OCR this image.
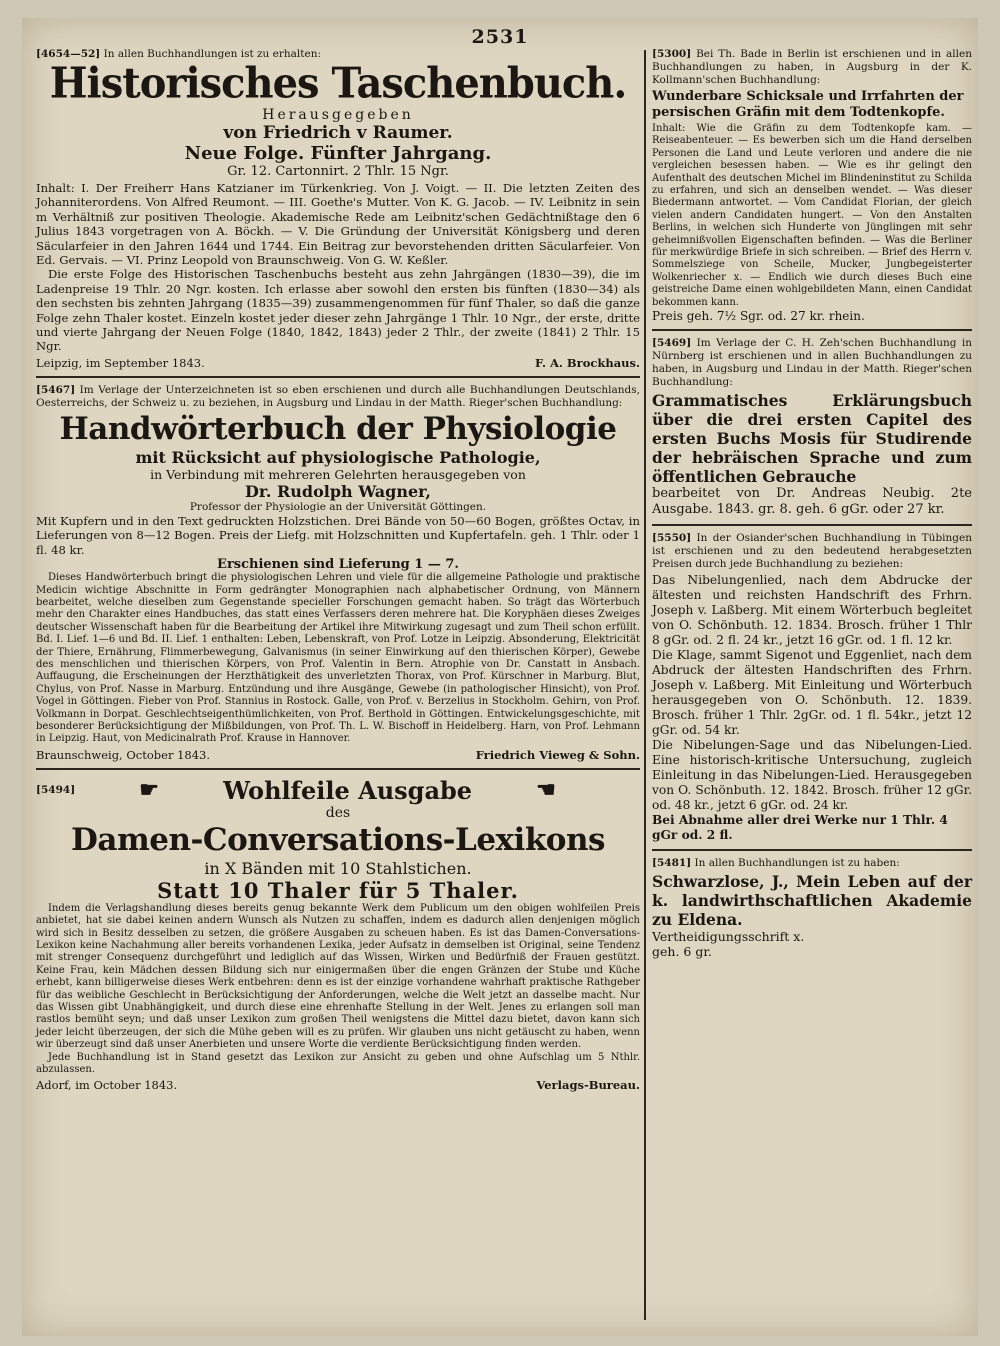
2531
[4654—52] In allen Buchhandlungen ist zu erhalten:
Historisches Taschenbuch.
Herausgegeben
von Friedrich v Raumer.
Neue Folge. Fünfter Jahrgang.
Gr. 12. Cartonnirt. 2 Thlr. 15 Ngr.
Inhalt: I. Der Freiherr Hans Katzianer im Türkenkrieg. Von J. Voigt. — II. Die letzten Zeiten des Johanniterordens. Von Alfred Reumont. — III. Goethe's Mutter. Von K. G. Jacob. — IV. Leibnitz in sein m Verhältniß zur positiven Theologie. Akademische Rede am Leibnitz'schen Gedächtnißtage den 6 Julius 1843 vorgetragen von A. Böckh. — V. Die Gründung der Universität Königsberg und deren Säcularfeier in den Jahren 1644 und 1744. Ein Beitrag zur bevorstehenden dritten Säcularfeier. Von Ed. Gervais. — VI. Prinz Leopold von Braunschweig. Von G. W. Keßler.
Die erste Folge des Historischen Taschenbuchs besteht aus zehn Jahrgängen (1830—39), die im Ladenpreise 19 Thlr. 20 Ngr. kosten. Ich erlasse aber sowohl den ersten bis fünften (1830—34) als den sechsten bis zehnten Jahrgang (1835—39) zusammengenommen für fünf Thaler, so daß die ganze Folge zehn Thaler kostet. Einzeln kostet jeder dieser zehn Jahrgänge 1 Thlr. 10 Ngr., der erste, dritte und vierte Jahrgang der Neuen Folge (1840, 1842, 1843) jeder 2 Thlr., der zweite (1841) 2 Thlr. 15 Ngr.
Leipzig, im September 1843.	F. A. Brockhaus.
[5467] Im Verlage der Unterzeichneten ist so eben erschienen und durch alle Buchhandlungen Deutschlands, Oesterreichs, der Schweiz u. zu beziehen, in Augsburg und Lindau in der Matth. Rieger'schen Buchhandlung:
Handwörterbuch der Physiologie
mit Rücksicht auf physiologische Pathologie,
in Verbindung mit mehreren Gelehrten herausgegeben von
Dr. Rudolph Wagner,
Professor der Physiologie an der Universität Göttingen.
Mit Kupfern und in den Text gedruckten Holzstichen. Drei Bände von 50—60 Bogen, größtes Octav, in Lieferungen von 8—12 Bogen. Preis der Liefg. mit Holzschnitten und Kupfertafeln. geh. 1 Thlr. oder 1 fl. 48 kr.
Erschienen sind Lieferung 1 — 7.
Dieses Handwörterbuch bringt die physiologischen Lehren und viele für die allgemeine Pathologie und praktische Medicin wichtige Abschnitte in Form gedrängter Monographien nach alphabetischer Ordnung, von Männern bearbeitet, welche dieselben zum Gegenstande specieller Forschungen gemacht haben. So trägt das Wörterbuch mehr den Charakter eines Handbuches, das statt eines Verfassers deren mehrere hat. Die Koryphäen dieses Zweiges deutscher Wissenschaft haben für die Bearbeitung der Artikel ihre Mitwirkung zugesagt und zum Theil schon erfüllt. Bd. I. Lief. 1—6 und Bd. II. Lief. 1 enthalten: Leben, Lebenskraft, von Prof. Lotze in Leipzig. Absonderung, Elektricität der Thiere, Ernährung, Flimmerbewegung, Galvanismus (in seiner Einwirkung auf den thierischen Körper), Gewebe des menschlichen und thierischen Körpers, von Prof. Valentin in Bern. Atrophie von Dr. Canstatt in Ansbach. Auffaugung, die Erscheinungen der Herzthätigkeit des unverletzten Thorax, von Prof. Kürschner in Marburg. Blut, Chylus, von Prof. Nasse in Marburg. Entzündung und ihre Ausgänge, Gewebe (in pathologischer Hinsicht), von Prof. Vogel in Göttingen. Fieber von Prof. Stannius in Rostock. Galle, von Prof. v. Berzelius in Stockholm. Gehirn, von Prof. Volkmann in Dorpat. Geschlechtseigenthümlichkeiten, von Prof. Berthold in Göttingen. Entwickelungsgeschichte, mit besonderer Berücksichtigung der Mißbildungen, von Prof. Th. L. W. Bischoff in Heidelberg. Harn, von Prof. Lehmann in Leipzig. Haut, von Medicinalrath Prof. Krause in Hannover.
Braunschweig, October 1843.	Friedrich Vieweg & Sohn.
[5494]	☛	Wohlfeile Ausgabe	☚
des
Damen-Conversations-Lexikons
in X Bänden mit 10 Stahlstichen.
Statt 10 Thaler für 5 Thaler.
Indem die Verlagshandlung dieses bereits genug bekannte Werk dem Publicum um den obigen wohlfeilen Preis anbietet, hat sie dabei keinen andern Wunsch als Nutzen zu schaffen, indem es dadurch allen denjenigen möglich wird sich in Besitz desselben zu setzen, die größere Ausgaben zu scheuen haben. Es ist das Damen-Conversations-Lexikon keine Nachahmung aller bereits vorhandenen Lexika, jeder Aufsatz in demselben ist Original, seine Tendenz mit strenger Consequenz durchgeführt und lediglich auf das Wissen, Wirken und Bedürfniß der Frauen gestützt. Keine Frau, kein Mädchen dessen Bildung sich nur einigermaßen über die engen Gränzen der Stube und Küche erhebt, kann billigerweise dieses Werk entbehren: denn es ist der einzige vorhandene wahrhaft praktische Rathgeber für das weibliche Geschlecht in Berücksichtigung der Anforderungen, welche die Welt jetzt an dasselbe macht. Nur das Wissen gibt Unabhängigkeit, und durch diese eine ehrenhafte Stellung in der Welt. Jenes zu erlangen soll man rastlos bemüht seyn; und daß unser Lexikon zum großen Theil wenigstens die Mittel dazu bietet, davon kann sich jeder leicht überzeugen, der sich die Mühe geben will es zu prüfen. Wir glauben uns nicht getäuscht zu haben, wenn wir überzeugt sind daß unser Anerbieten und unsere Worte die verdiente Berücksichtigung finden werden.
Jede Buchhandlung ist in Stand gesetzt das Lexikon zur Ansicht zu geben und ohne Aufschlag um 5 Nthlr. abzulassen.
Adorf, im October 1843.	Verlags-Bureau.
[5300] Bei Th. Bade in Berlin ist erschienen und in allen Buchhandlungen zu haben, in Augsburg in der K. Kollmann'schen Buchhandlung:
Wunderbare Schicksale und Irrfahrten der persischen Gräfin mit dem Todtenkopfe.
Inhalt: Wie die Gräfin zu dem Todtenkopfe kam. — Reiseabenteuer. — Es bewerben sich um die Hand derselben Personen die Land und Leute verloren und andere die nie vergleichen besessen haben. — Wie es ihr gelingt den Aufenthalt des deutschen Michel im Blindeninstitut zu Schilda zu erfahren, und sich an denselben wendet. — Was dieser Biedermann antwortet. — Vom Candidat Florian, der gleich vielen andern Candidaten hungert. — Von den Anstalten Berlins, in welchen sich Hunderte von Jünglingen mit sehr geheimnißvollen Eigenschaften befinden. — Was die Berliner für merkwürdige Briefe in sich schreiben. — Brief des Herrn v. Sommelsziege von Scheile, Mucker, Jungbegeisterter Wolkenriecher x. — Endlich wie durch dieses Buch eine geistreiche Dame einen wohlgebildeten Mann, einen Candidat bekommen kann.
Preis geh. 7½ Sgr. od. 27 kr. rhein.
[5469] Im Verlage der C. H. Zeh'schen Buchhandlung in Nürnberg ist erschienen und in allen Buchhandlungen zu haben, in Augsburg und Lindau in der Matth. Rieger'schen Buchhandlung:
Grammatisches Erklärungsbuch über die drei ersten Capitel des ersten Buchs Mosis für Studirende der hebräischen Sprache und zum öffentlichen Gebrauche
bearbeitet von Dr. Andreas Neubig. 2te Ausgabe. 1843. gr. 8. geh. 6 gGr. oder 27 kr.
[5550] In der Osiander'schen Buchhandlung in Tübingen ist erschienen und zu den bedeutend herabgesetzten Preisen durch jede Buchhandlung zu beziehen:
Das Nibelungenlied, nach dem Abdrucke der ältesten und reichsten Handschrift des Frhrn. Joseph v. Laßberg. Mit einem Wörterbuch begleitet von O. Schönbuth. 12. 1834. Brosch. früher 1 Thlr 8 gGr. od. 2 fl. 24 kr., jetzt 16 gGr. od. 1 fl. 12 kr.
Die Klage, sammt Sigenot und Eggenliet, nach dem Abdruck der ältesten Handschriften des Frhrn. Joseph v. Laßberg. Mit Einleitung und Wörterbuch herausgegeben von O. Schönbuth. 12. 1839. Brosch. früher 1 Thlr. 2gGr. od. 1 fl. 54kr., jetzt 12 gGr. od. 54 kr.
Die Nibelungen-Sage und das Nibelungen-Lied. Eine historisch-kritische Untersuchung, zugleich Einleitung in das Nibelungen-Lied. Herausgegeben von O. Schönbuth. 12. 1842. Brosch. früher 12 gGr. od. 48 kr., jetzt 6 gGr. od. 24 kr.
Bei Abnahme aller drei Werke nur 1 Thlr. 4 gGr od. 2 fl.
[5481] In allen Buchhandlungen ist zu haben:
Schwarzlose, J., Mein Leben auf der k. landwirthschaftlichen Akademie zu Eldena.
Vertheidigungsschrift x.
geh. 6 gr.
